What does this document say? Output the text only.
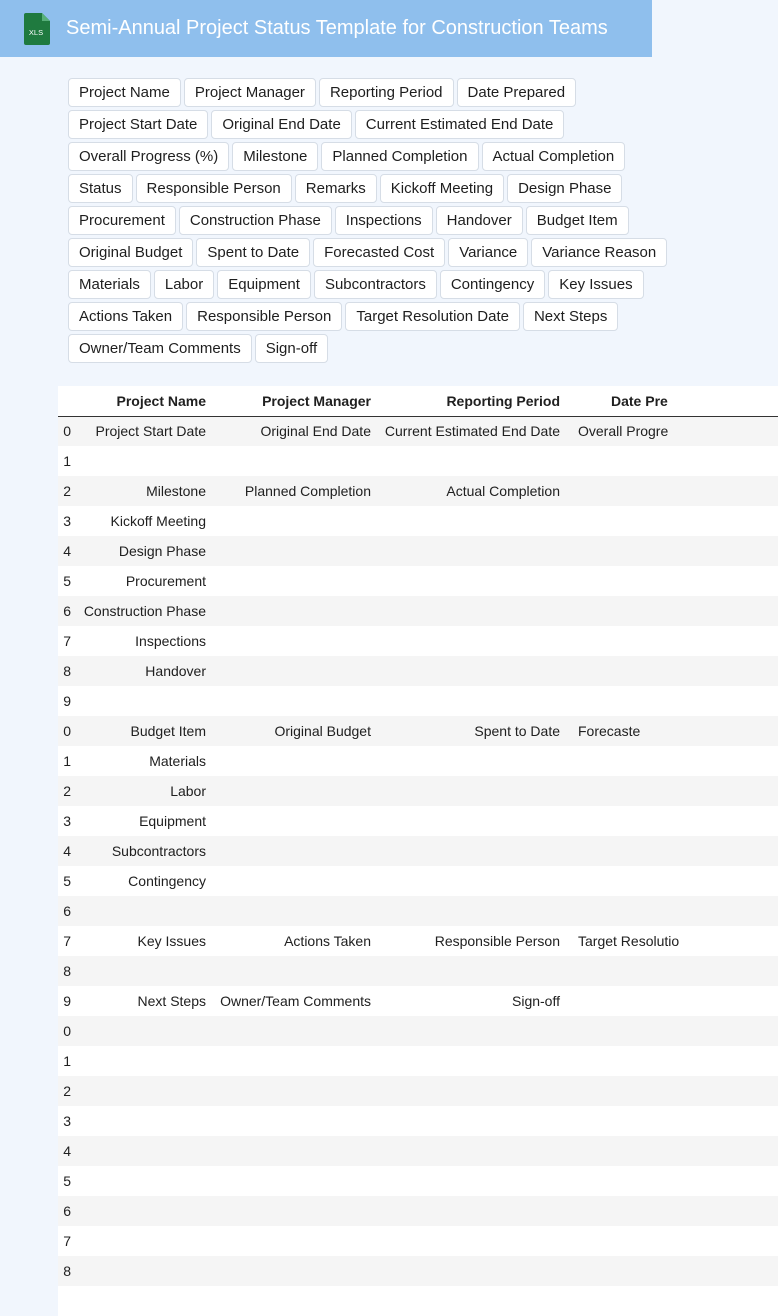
XLS Semi-Annual Project Status Template for Construction Teams
Project Name	Project Manager	Reporting Period	Date Prepared
Project Start Date	Original End Date	Current Estimated End Date
Overall Progress (%)	Milestone	Planned Completion	Actual Completion
Status	Responsible Person	Remarks	Kickoff Meeting	Design Phase
Procurement	Construction Phase	Inspections	Handover	Budget Item
Original Budget	Spent to Date	Forecasted Cost	Variance	Variance Reason
Materials	Labor	Equipment	Subcontractors	Contingency	Key Issues
Actions Taken	Responsible Person	Target Resolution Date	Next Steps
Owner/Team Comments	Sign-off
	Project Name	Project Manager	Reporting Period	Date Pre
0	Project Start Date	Original End Date	Current Estimated End Date	Overall Progre
1				
2	Milestone	Planned Completion	Actual Completion	
3	Kickoff Meeting			
4	Design Phase			
5	Procurement			
6	Construction Phase			
7	Inspections			
8	Handover			
9				
0	Budget Item	Original Budget	Spent to Date	Forecaste
1	Materials			
2	Labor			
3	Equipment			
4	Subcontractors			
5	Contingency			
6				
7	Key Issues	Actions Taken	Responsible Person	Target Resolutio
8				
9	Next Steps	Owner/Team Comments	Sign-off	
0				
1				
2				
3				
4				
5				
6				
7				
8				
